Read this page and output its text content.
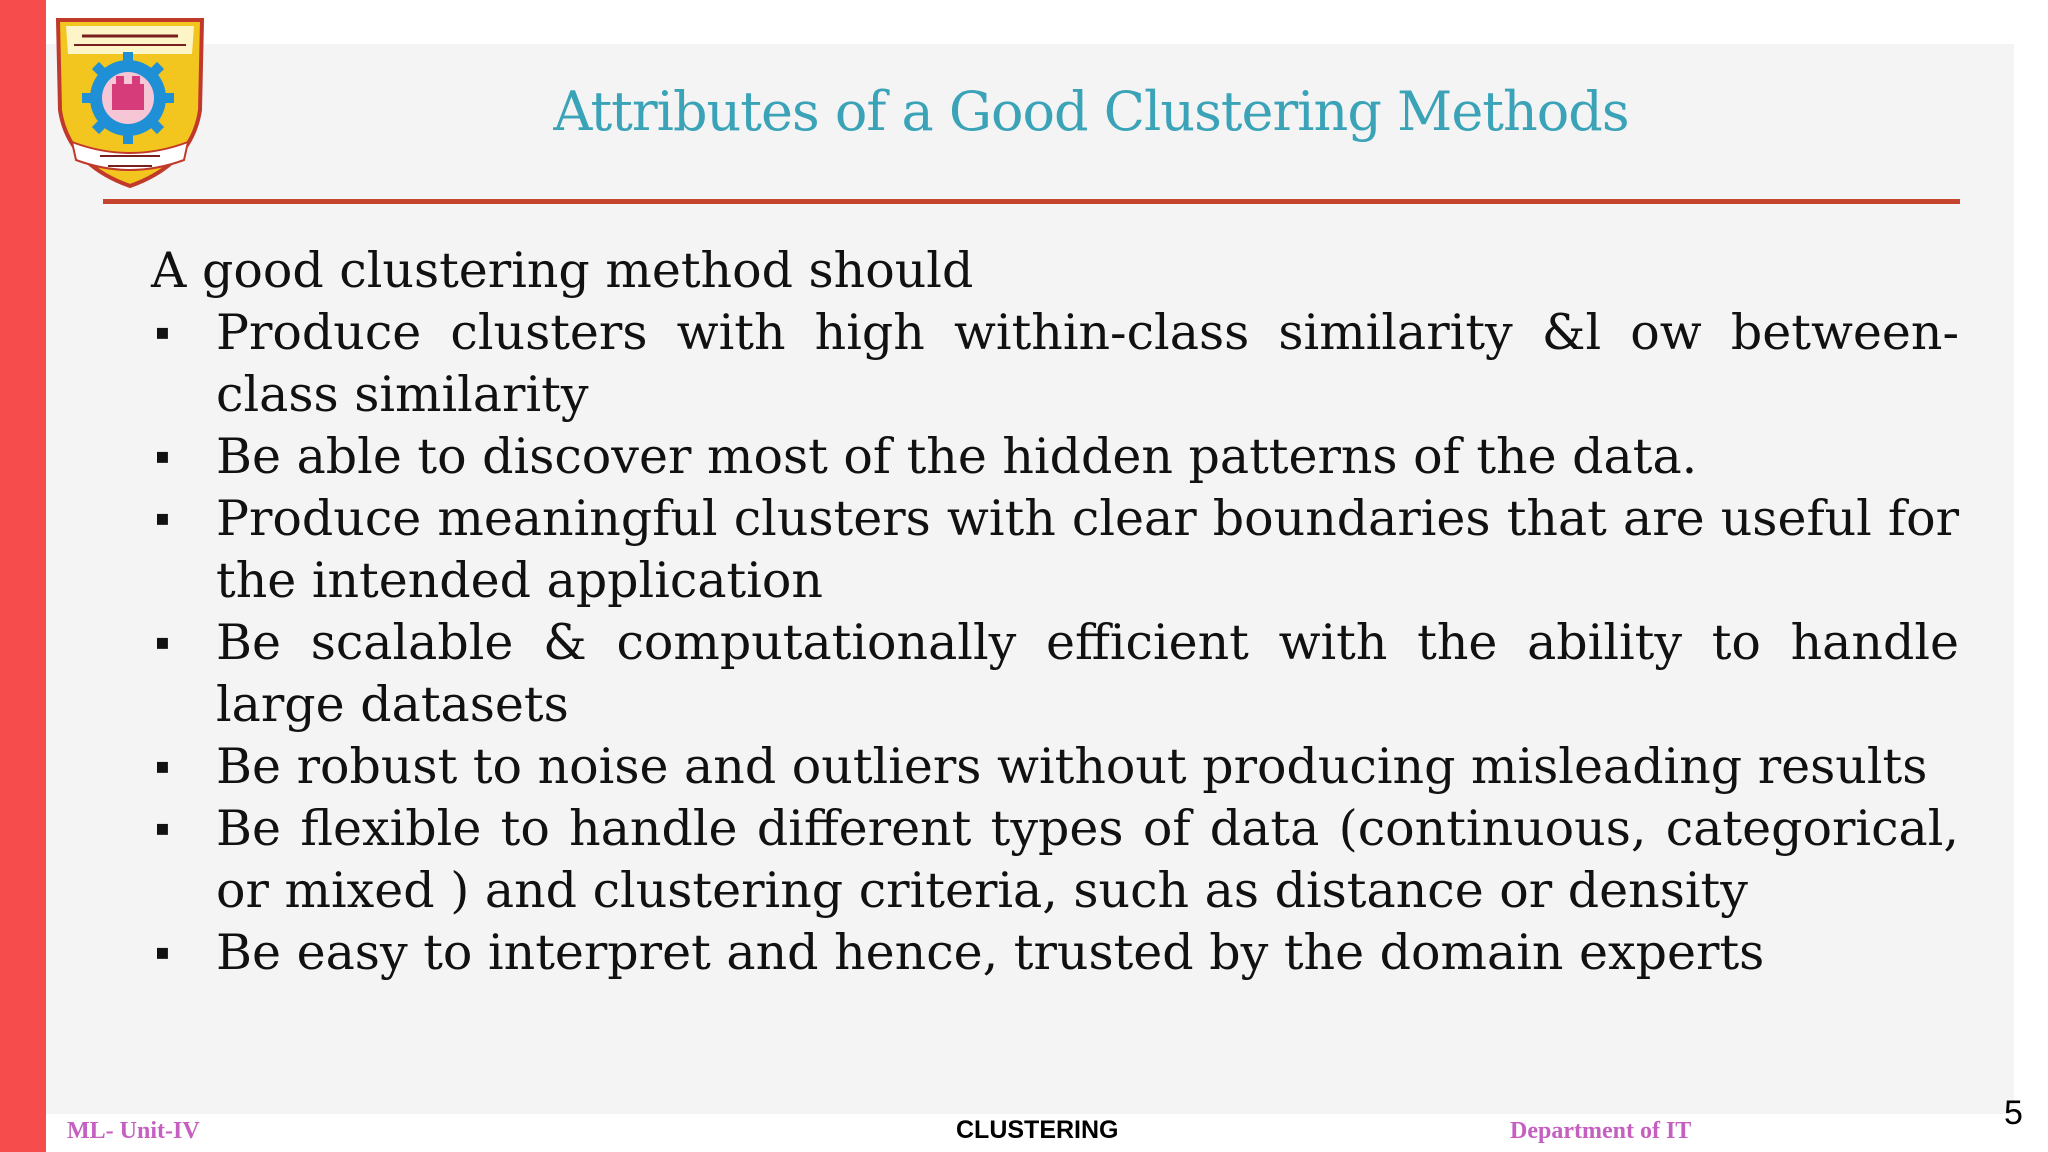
Attributes of a Good Clustering Methods

A good clustering method should

▪ Produce clusters with high within-class similarity &l ow between-class similarity
▪ Be able to discover most of the hidden patterns of the data.
▪ Produce meaningful clusters with clear boundaries that are useful for the intended application
▪ Be scalable & computationally efficient with the ability to handle large datasets
▪ Be robust to noise and outliers without producing misleading results
▪ Be flexible to handle different types of data (continuous, categorical, or mixed ) and clustering criteria, such as distance or density
▪ Be easy to interpret and hence, trusted by the domain experts
ML- Unit-IV	CLUSTERING	Department of IT	5
